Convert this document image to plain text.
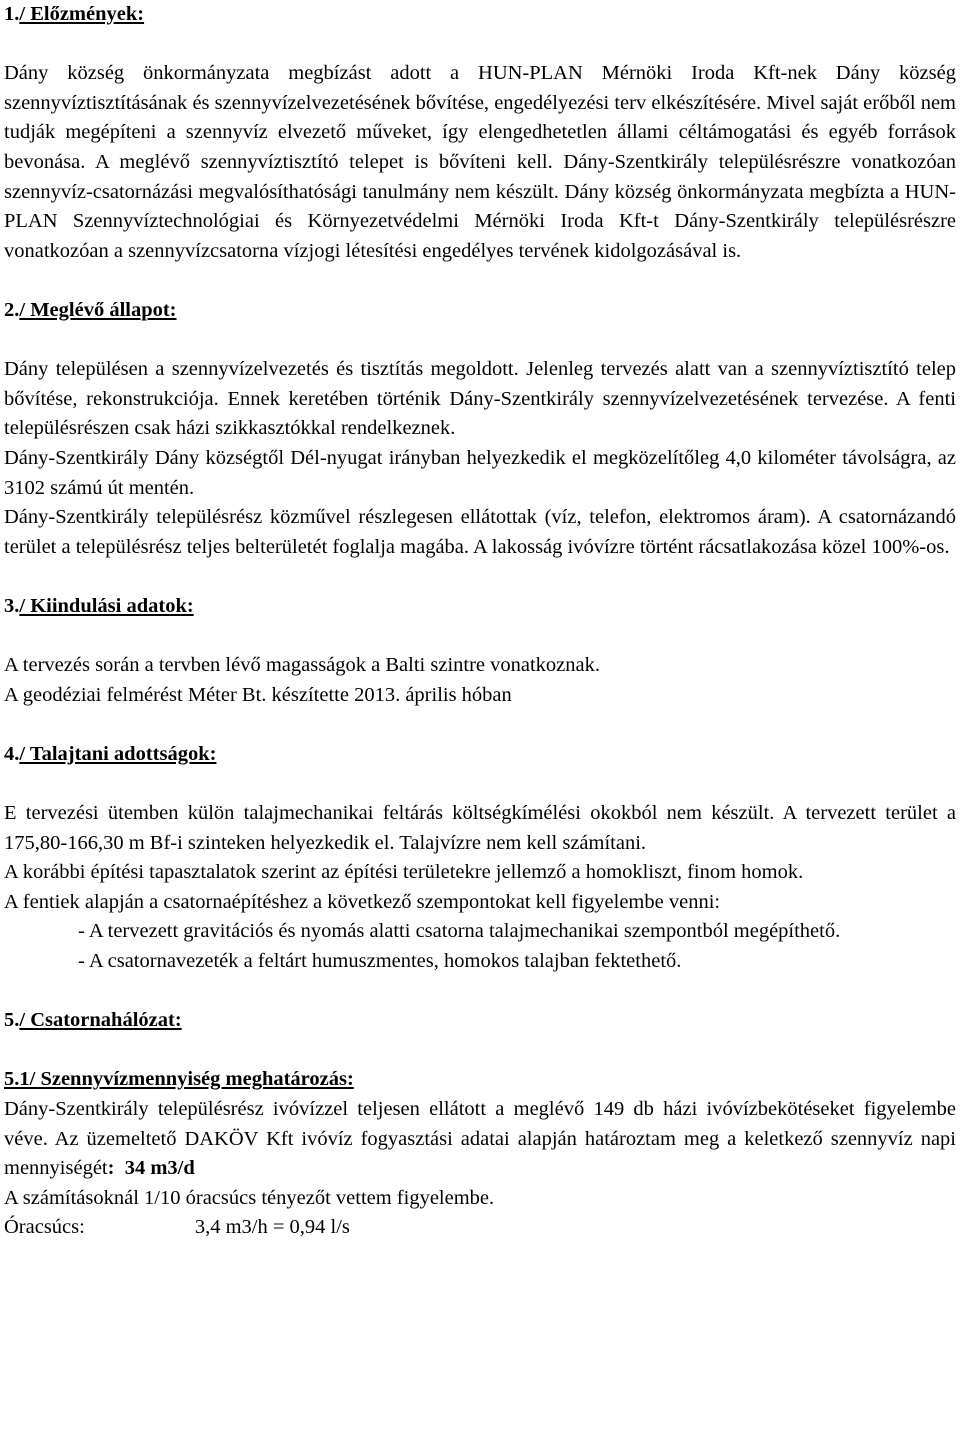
1./ Előzmények:

Dány község önkormányzata megbízást adott a HUN-PLAN Mérnöki Iroda Kft-nek Dány község szennyvíztisztításának és szennyvízelvezetésének bővítése, engedélyezési terv elkészítésére. Mivel saját erőből nem tudják megépíteni a szennyvíz elvezető műveket, így elengedhetetlen állami céltámogatási és egyéb források bevonása. A meglévő szennyvíztisztító telepet is bővíteni kell. Dány-Szentkirály településrészre vonatkozóan szennyvíz-csatornázási megvalósíthatósági tanulmány nem készült. Dány község önkormányzata megbízta a HUN-PLAN Szennyvíztechnológiai és Környezetvédelmi Mérnöki Iroda Kft-t Dány-Szentkirály településrészre vonatkozóan a szennyvízcsatorna vízjogi létesítési engedélyes tervének kidolgozásával is.

2./ Meglévő állapot:

Dány településen a szennyvízelvezetés és tisztítás megoldott. Jelenleg tervezés alatt van a szennyvíztisztító telep bővítése, rekonstrukciója. Ennek keretében történik Dány-Szentkirály szennyvízelvezetésének tervezése. A fenti településrészen csak házi szikkasztókkal rendelkeznek.

Dány-Szentkirály Dány községtől Dél-nyugat irányban helyezkedik el megközelítőleg 4,0 kilométer távolságra, az 3102 számú út mentén.

Dány-Szentkirály településrész közművel részlegesen ellátottak (víz, telefon, elektromos áram). A csatornázandó terület a településrész teljes belterületét foglalja magába. A lakosság ivóvízre történt rácsatlakozása közel 100%-os.

3./ Kiindulási adatok:

A tervezés során a tervben lévő magasságok a Balti szintre vonatkoznak.

A geodéziai felmérést Méter Bt. készítette 2013. április hóban

4./ Talajtani adottságok:

E tervezési ütemben külön talajmechanikai feltárás költségkímélési okokból nem készült. A tervezett terület a 175,80-166,30 m Bf-i szinteken helyezkedik el. Talajvízre nem kell számítani.

A korábbi építési tapasztalatok szerint az építési területekre jellemző a homokliszt, finom homok.

A fentiek alapján a csatornaépítéshez a következő szempontokat kell figyelembe venni:

- A tervezett gravitációs és nyomás alatti csatorna talajmechanikai szempontból megépíthető.

- A csatornavezeték a feltárt humuszmentes, homokos talajban fektethető.

5./ Csatornahálózat:

5.1/ Szennyvízmennyiség meghatározás:

Dány-Szentkirály településrész ivóvízzel teljesen ellátott a meglévő 149 db házi ivóvízbekötéseket figyelembe véve. Az üzemeltető DAKÖV Kft ivóvíz fogyasztási adatai alapján határoztam meg a keletkező szennyvíz napi mennyiségét: 34 m3/d

A számításoknál 1/10 óracsúcs tényezőt vettem figyelembe.

Óracsúcs:	3,4 m3/h = 0,94 l/s
